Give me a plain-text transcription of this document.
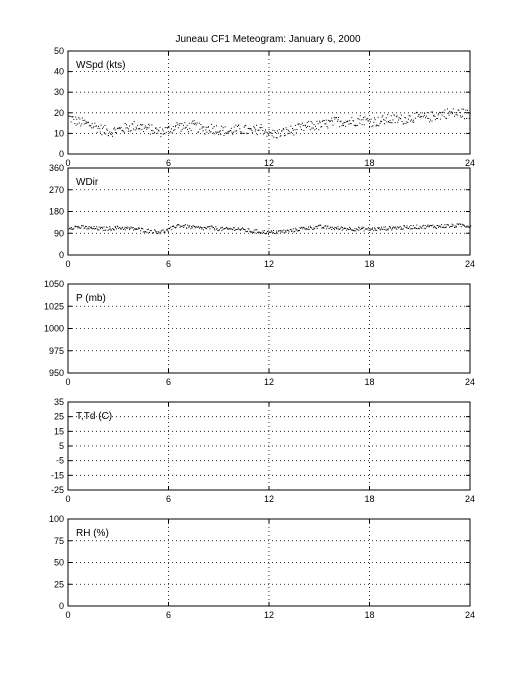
Juneau CF1 Meteogram: January 6, 2000
0	6	12	18	24
0
10
20
30
40
50
WSpd (kts)
0	6	12	18	24
0
90
180
270
360
WDir
0	6	12	18	24
950
975
1000
1025
1050
P (mb)
0	6	12	18	24
-25
-15
-5
5
15
25
35
T,Td (C)
0	6	12	18	24
0
25
50
75
100
RH (%)
